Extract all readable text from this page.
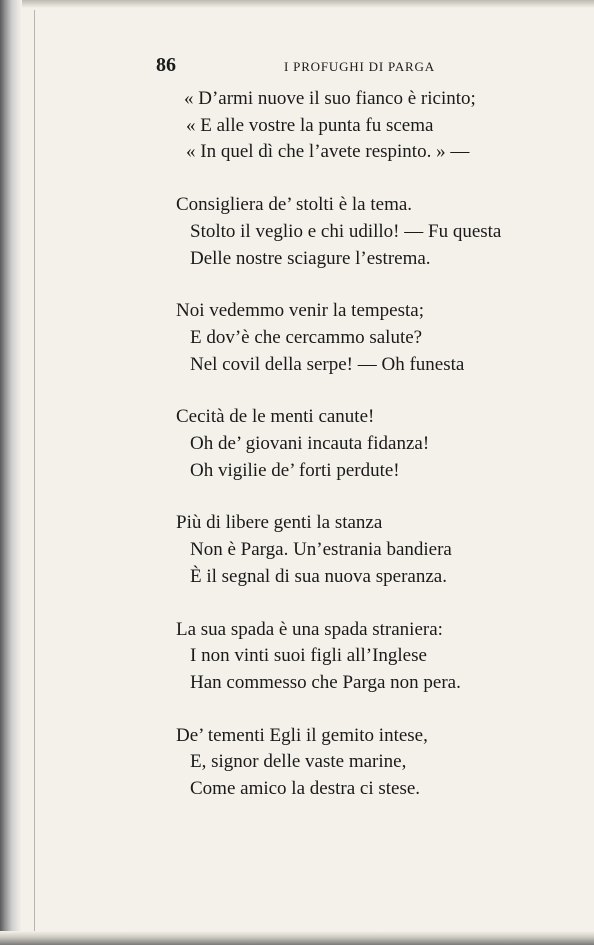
86	I PROFUGHI DI PARGA
« D’armi nuove il suo fianco è ricinto;
« E alle vostre la punta fu scema
« In quel dì che l’avete respinto. » —
Consigliera de’ stolti è la tema.
Stolto il veglio e chi udillo! — Fu questa
Delle nostre sciagure l’estrema.
Noi vedemmo venir la tempesta;
E dov’è che cercammo salute?
Nel covil della serpe! — Oh funesta
Cecità de le menti canute!
Oh de’ giovani incauta fidanza!
Oh vigilie de’ forti perdute!
Più di libere genti la stanza
Non è Parga. Un’estrania bandiera
È il segnal di sua nuova speranza.
La sua spada è una spada straniera:
I non vinti suoi figli all’Inglese
Han commesso che Parga non pera.
De’ tementi Egli il gemito intese,
E, signor delle vaste marine,
Come amico la destra ci stese.
